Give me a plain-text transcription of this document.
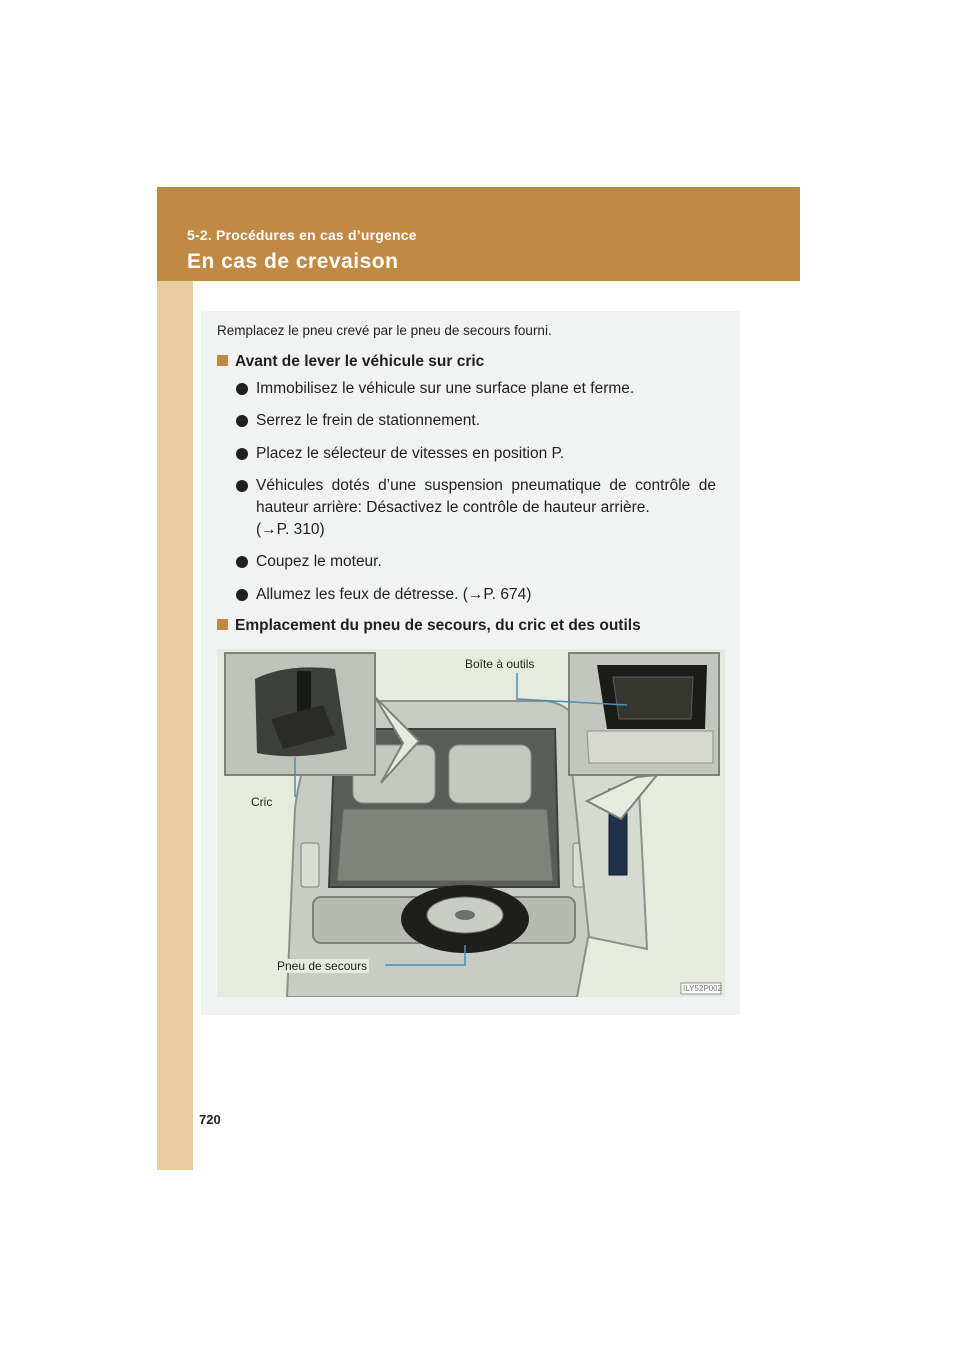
5-2. Procédures en cas d’urgence
En cas de crevaison
Remplacez le pneu crevé par le pneu de secours fourni.
Avant de lever le véhicule sur cric
Immobilisez le véhicule sur une surface plane et ferme.
Serrez le frein de stationnement.
Placez le sélecteur de vitesses en position P.
Véhicules dotés d’une suspension pneumatique de contrôle de hauteur arrière: Désactivez le contrôle de hauteur arrière.
(→P. 310)
Coupez le moteur.
Allumez les feux de détresse. (→P. 674)
Emplacement du pneu de secours, du cric et des outils
Boîte à outils
Cric
Pneu de secours
ILY52P002
720
